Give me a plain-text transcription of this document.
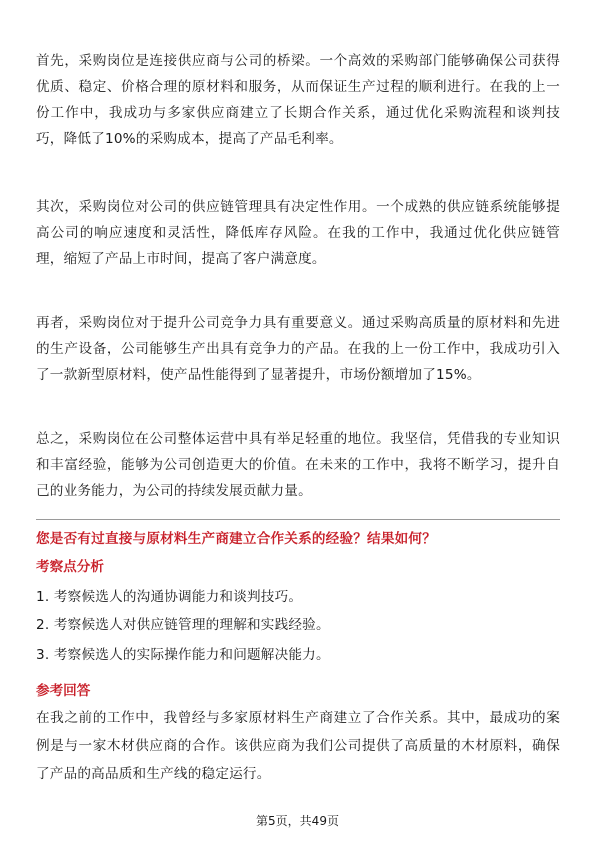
首先，采购岗位是连接供应商与公司的桥梁。一个高效的采购部门能够确保公司获得优质、稳定、价格合理的原材料和服务，从而保证生产过程的顺利进行。在我的上一份工作中，我成功与多家供应商建立了长期合作关系，通过优化采购流程和谈判技巧，降低了10%的采购成本，提高了产品毛利率。

其次，采购岗位对公司的供应链管理具有决定性作用。一个成熟的供应链系统能够提高公司的响应速度和灵活性，降低库存风险。在我的工作中，我通过优化供应链管理，缩短了产品上市时间，提高了客户满意度。

再者，采购岗位对于提升公司竞争力具有重要意义。通过采购高质量的原材料和先进的生产设备，公司能够生产出具有竞争力的产品。在我的上一份工作中，我成功引入了一款新型原材料，使产品性能得到了显著提升，市场份额增加了15%。

总之，采购岗位在公司整体运营中具有举足轻重的地位。我坚信，凭借我的专业知识和丰富经验，能够为公司创造更大的价值。在未来的工作中，我将不断学习，提升自己的业务能力，为公司的持续发展贡献力量。

您是否有过直接与原材料生产商建立合作关系的经验？结果如何？

考察点分析

1. 考察候选人的沟通协调能力和谈判技巧。

2. 考察候选人对供应链管理的理解和实践经验。

3. 考察候选人的实际操作能力和问题解决能力。

参考回答

在我之前的工作中，我曾经与多家原材料生产商建立了合作关系。其中，最成功的案例是与一家木材供应商的合作。该供应商为我们公司提供了高质量的木材原料，确保了产品的高品质和生产线的稳定运行。

第5页，共49页
